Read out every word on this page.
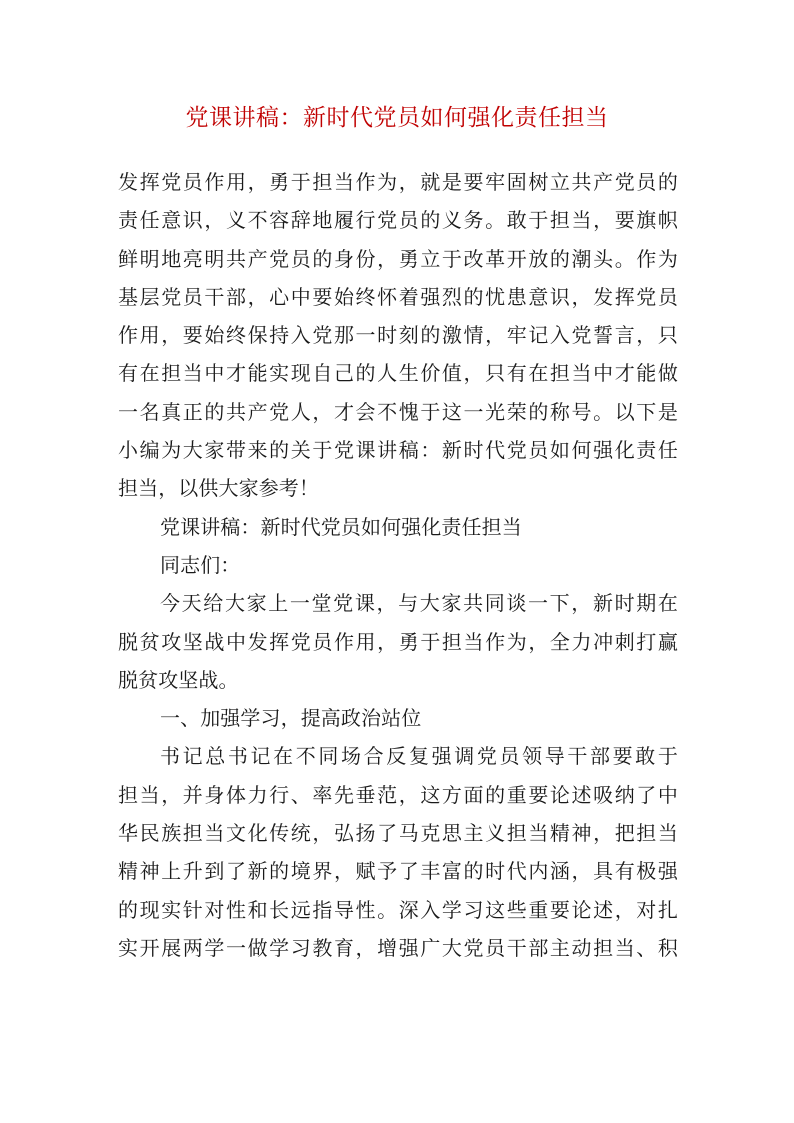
党课讲稿：新时代党员如何强化责任担当
发挥党员作用，勇于担当作为，就是要牢固树立共产党员的
责任意识，义不容辞地履行党员的义务。敢于担当，要旗帜
鲜明地亮明共产党员的身份，勇立于改革开放的潮头。作为
基层党员干部，心中要始终怀着强烈的忧患意识，发挥党员
作用，要始终保持入党那一时刻的激情，牢记入党誓言，只
有在担当中才能实现自己的人生价值，只有在担当中才能做
一名真正的共产党人，才会不愧于这一光荣的称号。以下是
小编为大家带来的关于党课讲稿：新时代党员如何强化责任
担当，以供大家参考！
党课讲稿：新时代党员如何强化责任担当
同志们：
今天给大家上一堂党课，与大家共同谈一下，新时期在
脱贫攻坚战中发挥党员作用，勇于担当作为，全力冲刺打赢
脱贫攻坚战。
一、加强学习，提高政治站位
书记总书记在不同场合反复强调党员领导干部要敢于
担当，并身体力行、率先垂范，这方面的重要论述吸纳了中
华民族担当文化传统，弘扬了马克思主义担当精神，把担当
精神上升到了新的境界，赋予了丰富的时代内涵，具有极强
的现实针对性和长远指导性。深入学习这些重要论述，对扎
实开展两学一做学习教育，增强广大党员干部主动担当、积
